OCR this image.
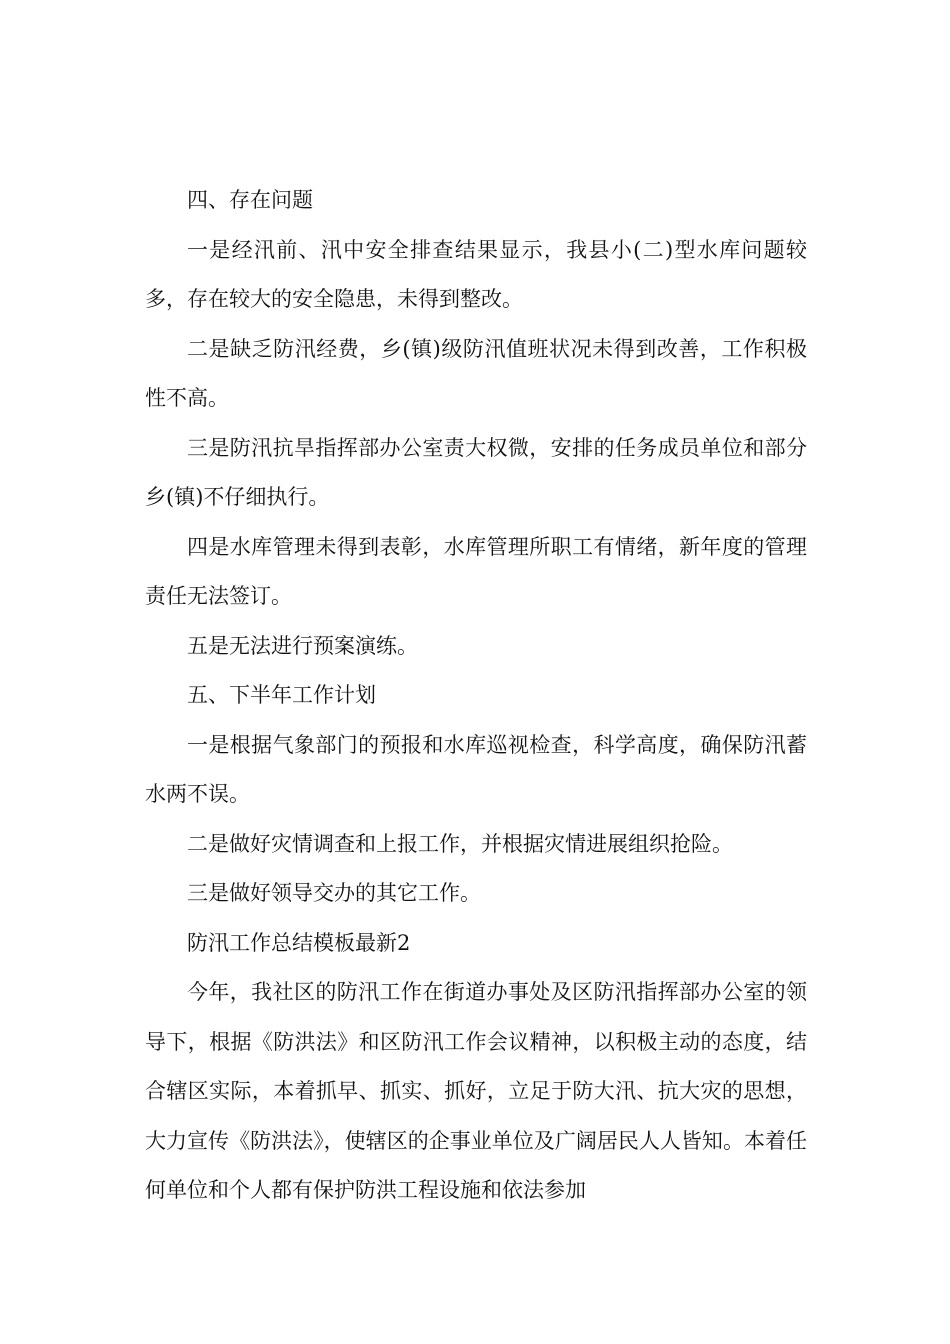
四、存在问题

一是经汛前、汛中安全排查结果显示，我县小(二)型水库问题较多，存在较大的安全隐患，未得到整改。

二是缺乏防汛经费，乡(镇)级防汛值班状况未得到改善，工作积极性不高。

三是防汛抗旱指挥部办公室责大权微，安排的任务成员单位和部分乡(镇)不仔细执行。

四是水库管理未得到表彰，水库管理所职工有情绪，新年度的管理责任无法签订。

五是无法进行预案演练。

五、下半年工作计划

一是根据气象部门的预报和水库巡视检查，科学高度，确保防汛蓄水两不误。

二是做好灾情调查和上报工作，并根据灾情进展组织抢险。

三是做好领导交办的其它工作。

防汛工作总结模板最新2

今年，我社区的防汛工作在街道办事处及区防汛指挥部办公室的领导下，根据《防洪法》和区防汛工作会议精神，以积极主动的态度，结合辖区实际，本着抓早、抓实、抓好，立足于防大汛、抗大灾的思想，大力宣传《防洪法》，使辖区的企事业单位及广阔居民人人皆知。本着任何单位和个人都有保护防洪工程设施和依法参加
